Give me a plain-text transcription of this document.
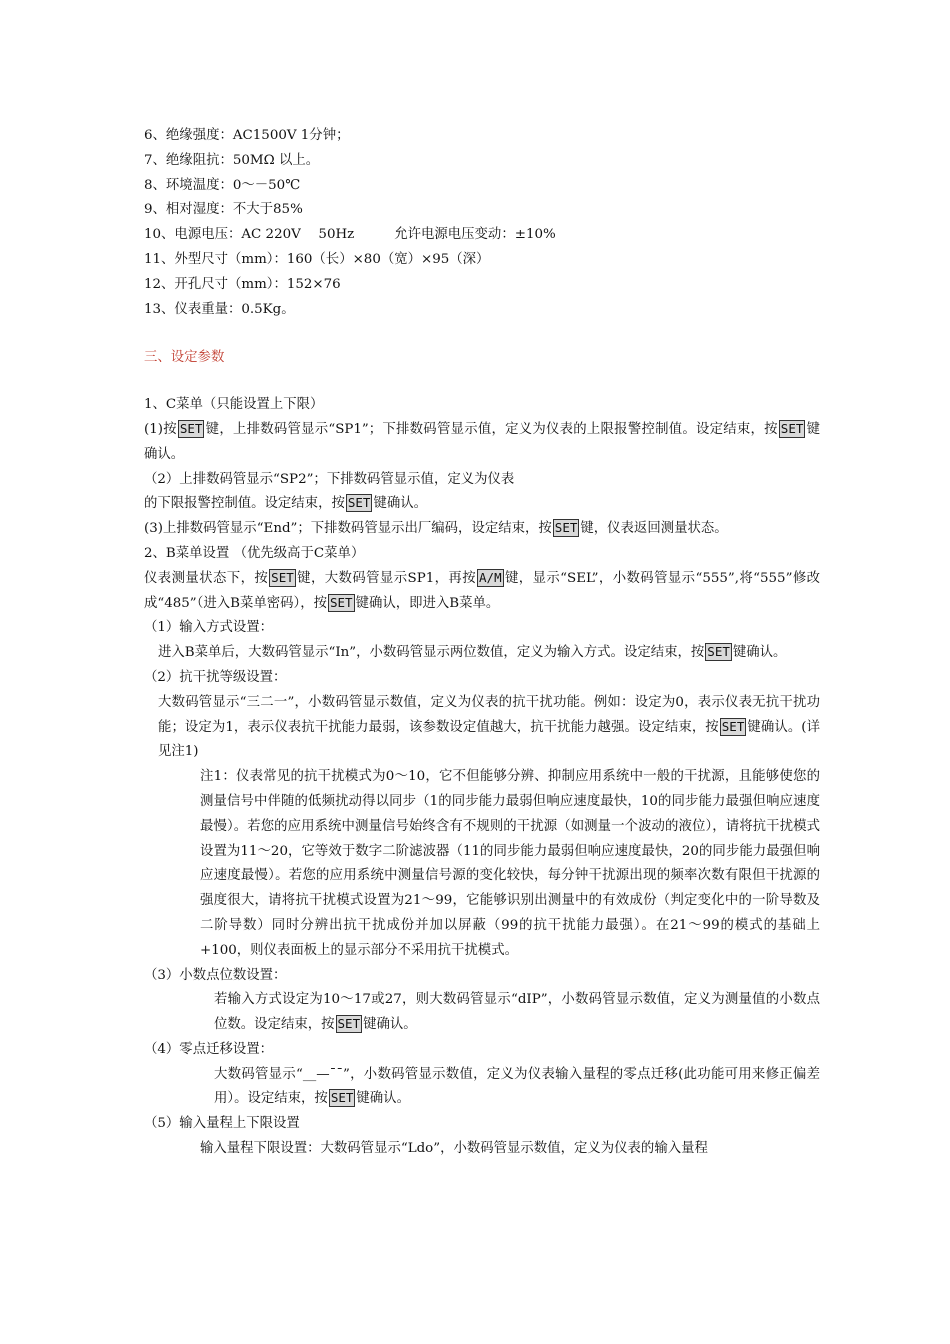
6、绝缘强度：AC1500V 1分钟；
7、绝缘阻抗：50MΩ 以上。
8、环境温度：0～－50℃
9、相对湿度：不大于85%
10、电源电压：AC 220V　 50Hz	允许电源电压变动：±10%
11、外型尺寸（mm）：160（长）×80（宽）×95（深）
12、开孔尺寸（mm）：152×76
13、仪表重量：0.5Kg。
三、设定参数
1、C菜单（只能设置上下限）
(1)按 SET 键，上排数码管显示“SP1”；下排数码管显示值，定义为仪表的上限报警控制值。设定结束，按 SET 键确认。
（2）上排数码管显示“SP2”；下排数码管显示值，定义为仪表
的下限报警控制值。设定结束，按 SET 键确认。
(3)上排数码管显示“End”；下排数码管显示出厂编码，设定结束，按 SET 键，仪表返回测量状态。
2、B菜单设置 （优先级高于C菜单）
仪表测量状态下，按 SET 键，大数码管显示SP1，再按 A/M 键，显示“SEL”，小数码管显示“555”,将“555”修改成“485”（进入B菜单密码），按 SET 键确认，即进入B菜单。
（1）输入方式设置：
进入B菜单后，大数码管显示“In”，小数码管显示两位数值，定义为输入方式。设定结束，按 SET 键确认。
（2）抗干扰等级设置：
大数码管显示“三二一”，小数码管显示数值，定义为仪表的抗干扰功能。例如：设定为0，表示仪表无抗干扰功能；设定为1，表示仪表抗干扰能力最弱，该参数设定值越大，抗干扰能力越强。设定结束，按 SET 键确认。(详见注1)
注1：仪表常见的抗干扰模式为0～10，它不但能够分辨、抑制应用系统中一般的干扰源，且能够使您的测量信号中伴随的低频扰动得以同步（1的同步能力最弱但响应速度最快，10的同步能力最强但响应速度最慢）。若您的应用系统中测量信号始终含有不规则的干扰源（如测量一个波动的液位），请将抗干扰模式设置为11～20，它等效于数字二阶滤波器（11的同步能力最弱但响应速度最快，20的同步能力最强但响应速度最慢）。若您的应用系统中测量信号源的变化较快，每分钟干扰源出现的频率次数有限但干扰源的强度很大，请将抗干扰模式设置为21～99，它能够识别出测量中的有效成份（判定变化中的一阶导数及二阶导数）同时分辨出抗干扰成份并加以屏蔽（99的抗干扰能力最强）。在21～99的模式的基础上+100，则仪表面板上的显示部分不采用抗干扰模式。
（3）小数点位数设置：
若输入方式设定为10～17或27，则大数码管显示“dIP”，小数码管显示数值，定义为测量值的小数点位数。设定结束，按 SET 键确认。
（4）零点迁移设置：
大数码管显示“__—¯¯”，小数码管显示数值，定义为仪表输入量程的零点迁移(此功能可用来修正偏差用）。设定结束，按 SET 键确认。
（5）输入量程上下限设置
输入量程下限设置：大数码管显示“Ldo”，小数码管显示数值，定义为仪表的输入量程
